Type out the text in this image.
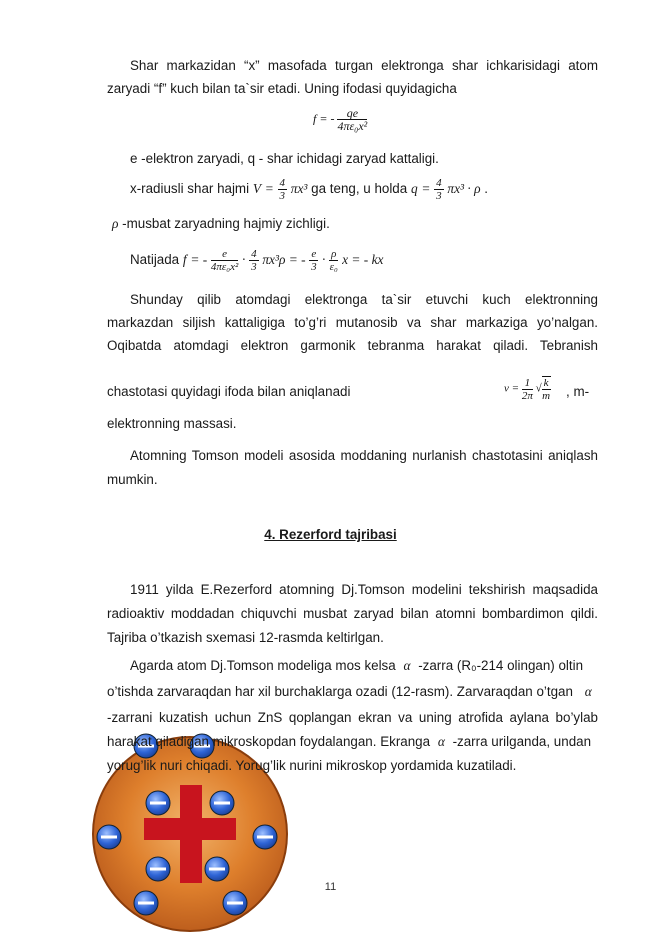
Shar markazidan “x” masofada turgan elektronga shar ichkarisidagi atom
zaryadi “f” kuch bilan ta`sir etadi. Uning ifodasi quyidagicha
f = - $\frac{qe}{\text{4πε₀x²}}$
e -elektron zaryadi, q - shar ichidagi zaryad kattaligi.
x-radiusli shar hajmi $V = \frac{4}{3} \pi x^3$ ga teng, u holda $q = \frac{4}{3} \pi x^3 \cdot \rho$ .
ρ -musbat zaryadning hajmiy zichligi.
Natijada f = - $\frac{e}{\text{4πε₀x²}} \cdot \frac{4}{3} \pi x^3\rho$ = - $\frac{e}{3} \cdot \frac{\rho}{\text{ε₀}}$ x = - kx
Shunday qilib atomdagi elektronga ta`sir etuvchi kuch elektronning
markazdan siljish kattaligiga to’g’ri mutanosib va shar markaziga yo’nalgan.
Oqibatda atomdagi elektron garmonik tebranma harakat qiladi. Tebranish
chastotasi quyidagi ifoda bilan aniqlanadi	$\nu = \frac{1}{2\pi}$ √ $\frac{k}{m}$ , m-
elektronning massasi.
Atomning Tomson modeli asosida moddaning nurlanish chastotasini aniqlash
mumkin.
4. Rezerford tajribasi
1911 yilda E.Rezerford atomning Dj.Tomson modelini tekshirish maqsadida
radioaktiv moddadan chiquvchi musbat zaryad bilan atomni bombardimon qildi.
Tajriba o’tkazish sxemasi 12-rasmda keltirlgan.
Agarda atom Dj.Tomson modeliga mos kelsa α -zarra (R₀-214 olingan) oltin
o’tishda zarvaraqdan har xil burchaklarga ozadi (12-rasm). Zarvaraqdan o’tgan α
-zarrani kuzatish uchun ZnS qoplangan ekran va uning atrofida aylana bo’ylab
harakat qiladigan mikroskopdan foydalangan. Ekranga α -zarra urilganda, undan
yorug’lik nuri chiqadi. Yorug’lik nurini mikroskop yordamida kuzatiladi.
11
